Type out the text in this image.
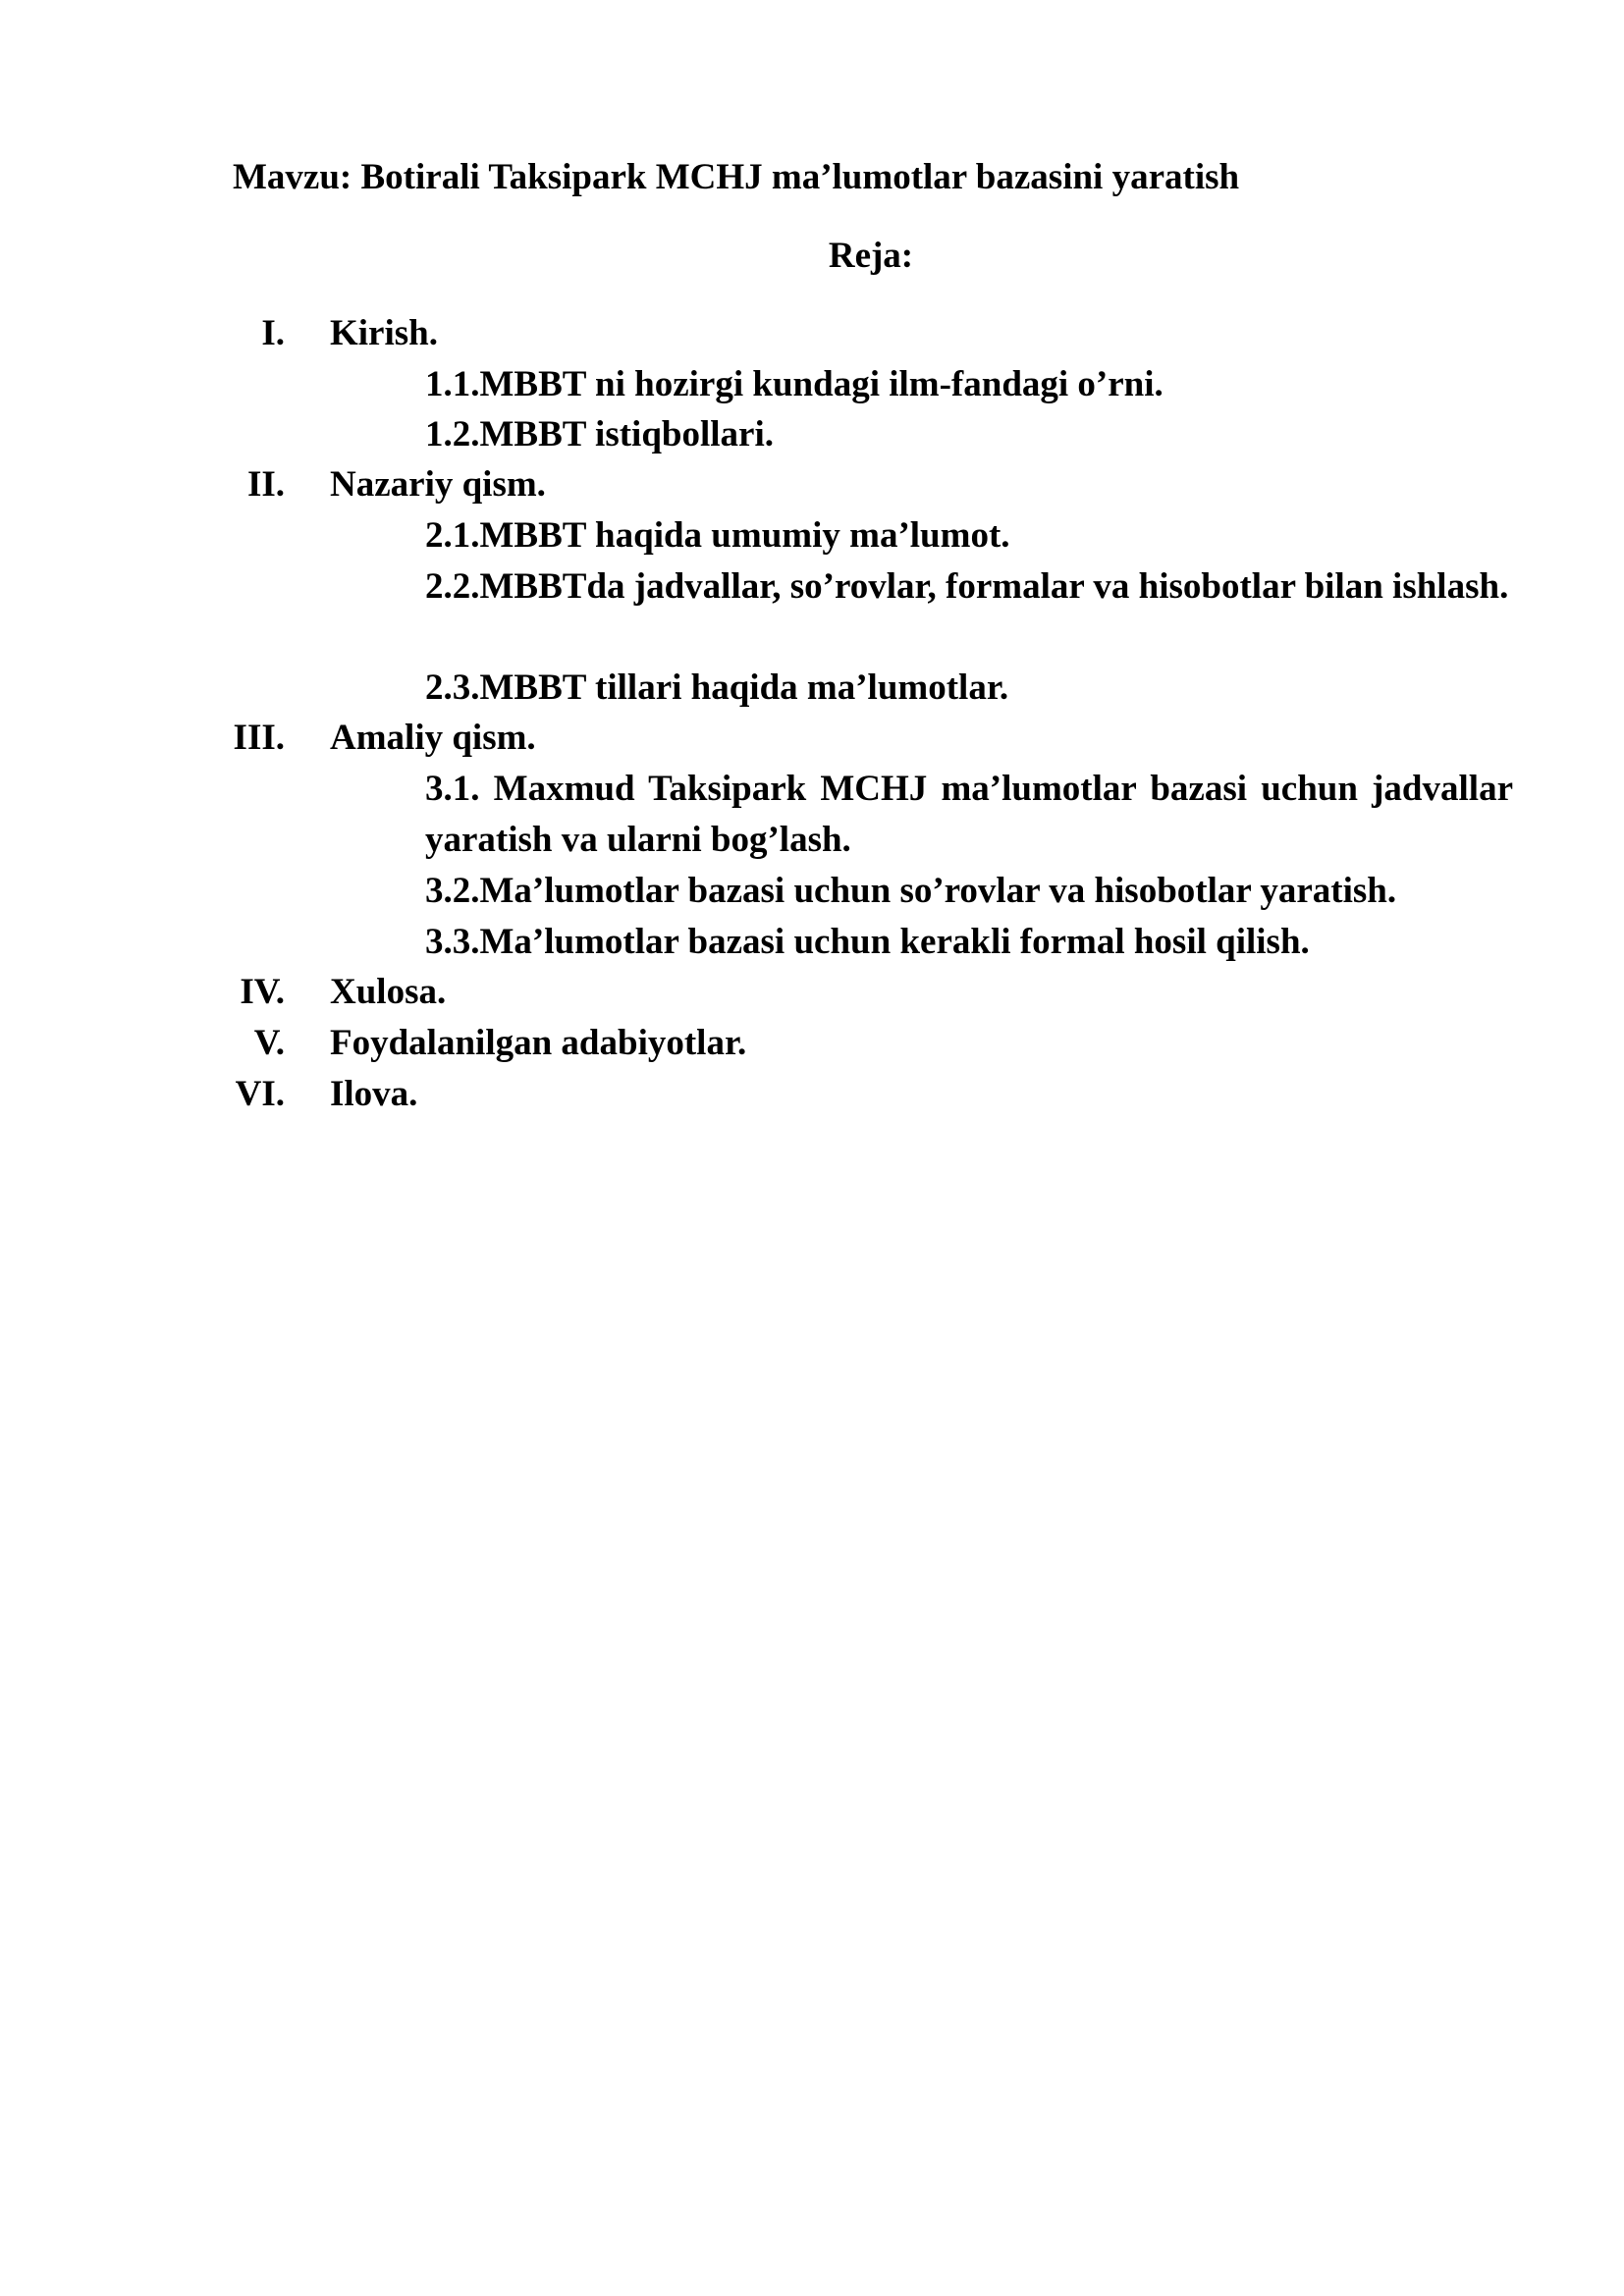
Mavzu: Botirali Taksipark MCHJ ma’lumotlar bazasini yaratish
Reja:
I. Kirish.
1.1.MBBT ni hozirgi kundagi ilm-fandagi o’rni.
1.2.MBBT istiqbollari.
II. Nazariy qism.
2.1.MBBT haqida umumiy ma’lumot.
2.2.MBBTda jadvallar, so’rovlar, formalar va hisobotlar bilan ishlash.
2.3.MBBT tillari haqida ma’lumotlar.
III. Amaliy qism.
3.1. Maxmud Taksipark MCHJ ma’lumotlar bazasi uchun jadvallar yaratish va ularni bog’lash.
3.2.Ma’lumotlar bazasi uchun so’rovlar va hisobotlar yaratish.
3.3.Ma’lumotlar bazasi uchun kerakli formal hosil qilish.
IV. Xulosa.
V. Foydalanilgan adabiyotlar.
VI. Ilova.
